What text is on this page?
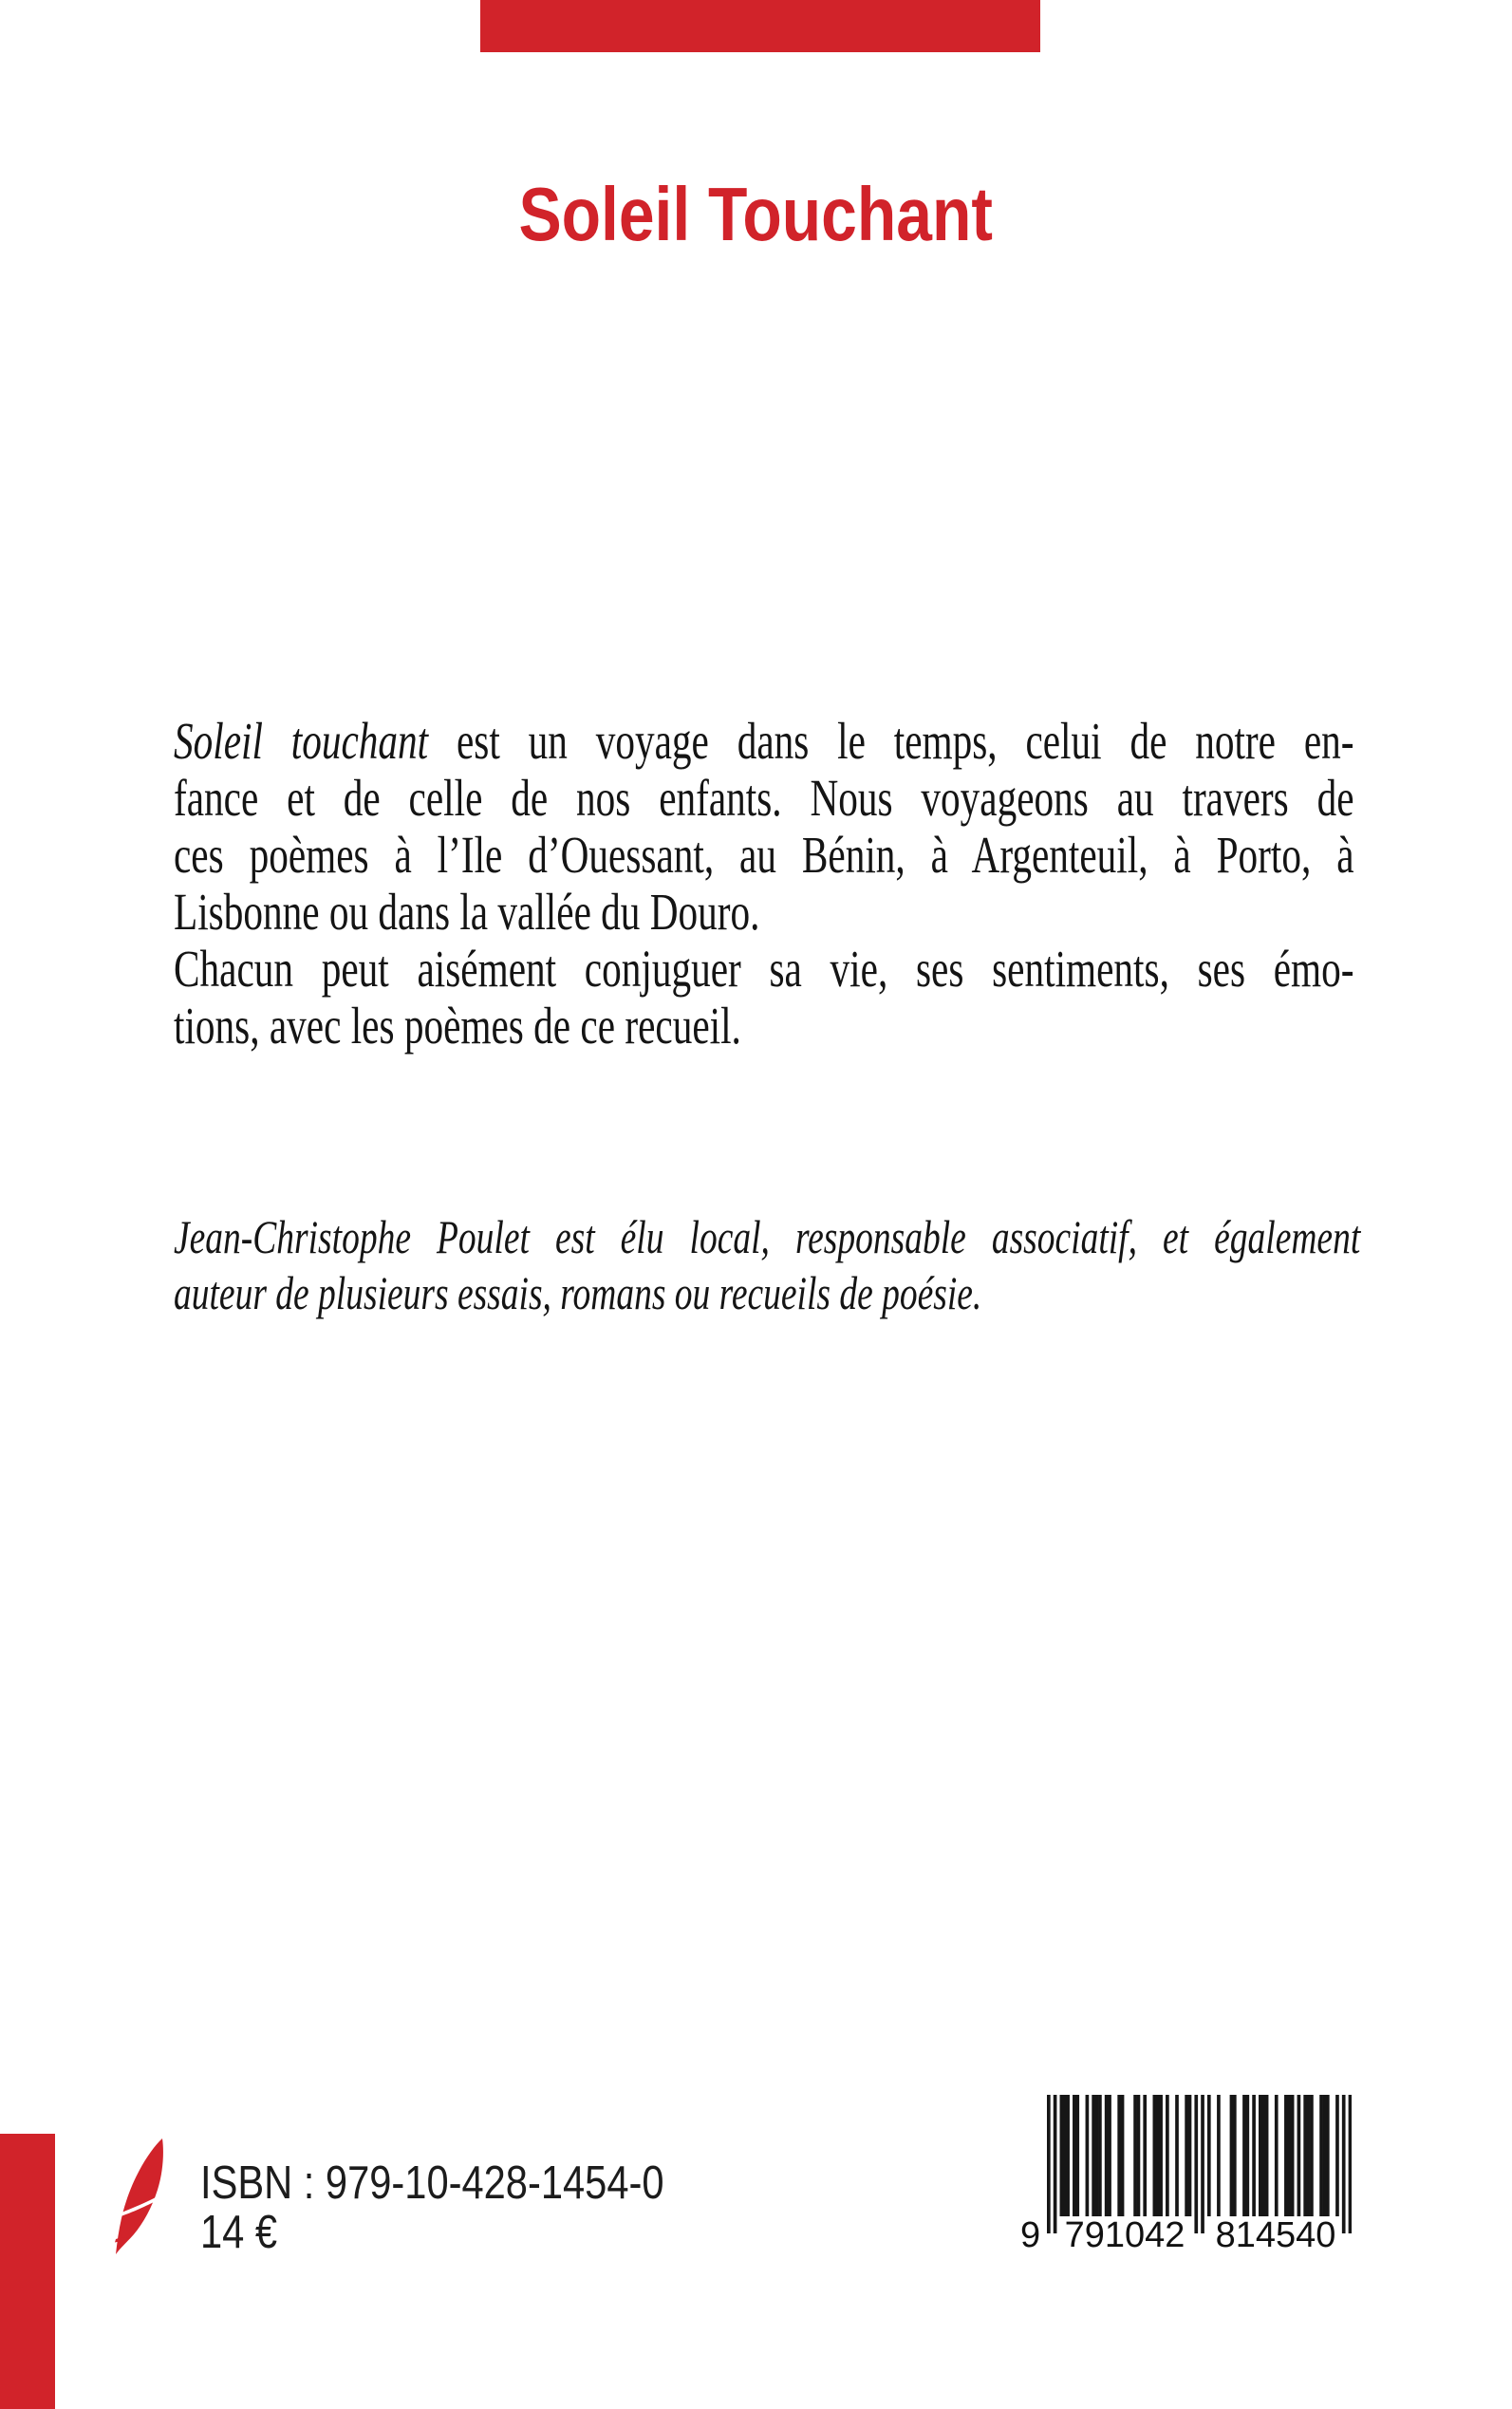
Soleil Touchant
Soleil touchant est un voyage dans le temps, celui de notre en-
fance et de celle de nos enfants. Nous voyageons au travers de
ces poèmes à l’Ile d’Ouessant, au Bénin, à Argenteuil, à Porto, à
Lisbonne ou dans la vallée du Douro.
Chacun peut aisément conjuguer sa vie, ses sentiments, ses émo-
tions, avec les poèmes de ce recueil.
Jean-Christophe Poulet est élu local, responsable associatif, et également
auteur de plusieurs essais, romans ou recueils de poésie.
ISBN : 979-10-428-1454-0
14 €	9 791042 814540
